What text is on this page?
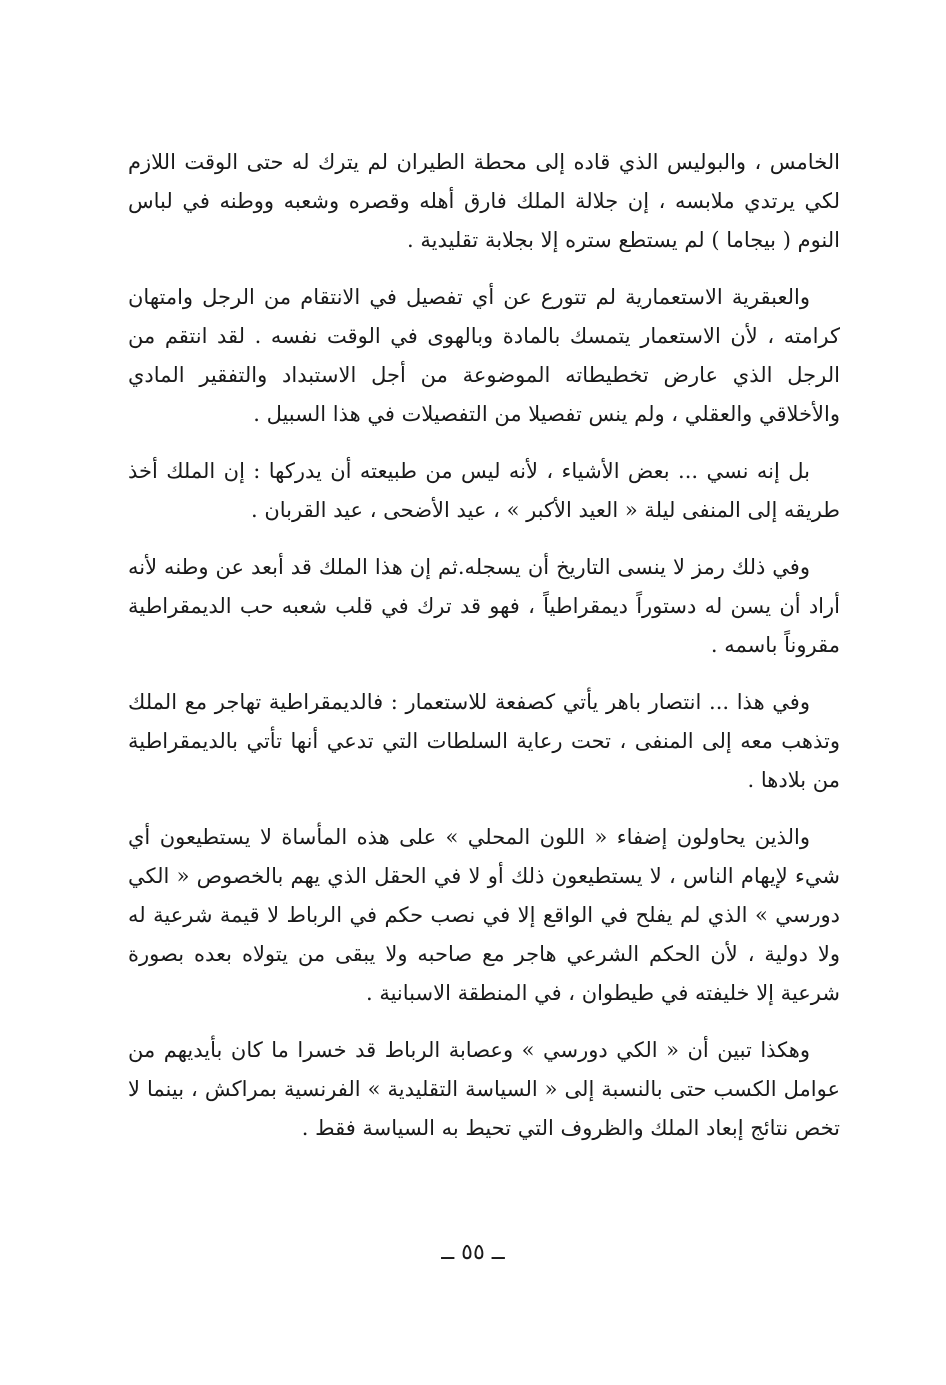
الخامس ، والبوليس الذي قاده إلى محطة الطيران لم يترك له حتى الوقت اللازم لكي يرتدي ملابسه ، إن جلالة الملك فارق أهله وقصره وشعبه ووطنه في لباس النوم ( بيجاما ) لم يستطع ستره إلا بجلابة تقليدية .

والعبقرية الاستعمارية لم تتورع عن أي تفصيل في الانتقام من الرجل وامتهان كرامته ، لأن الاستعمار يتمسك بالمادة وبالهوى في الوقت نفسه . لقد انتقم من الرجل الذي عارض تخطيطاته الموضوعة من أجل الاستبداد والتفقير المادي والأخلاقي والعقلي ، ولم ينس تفصيلا من التفصيلات في هذا السبيل .

بل إنه نسي ... بعض الأشياء ، لأنه ليس من طبيعته أن يدركها : إن الملك أخذ طريقه إلى المنفى ليلة « العيد الأكبر » ، عيد الأضحى ، عيد القربان .

وفي ذلك رمز لا ينسى التاريخ أن يسجله.ثم إن هذا الملك قد أبعد عن وطنه لأنه أراد أن يسن له دستوراً ديمقراطياً ، فهو قد ترك في قلب شعبه حب الديمقراطية مقروناً باسمه .

وفي هذا ... انتصار باهر يأتي كصفعة للاستعمار : فالديمقراطية تهاجر مع الملك وتذهب معه إلى المنفى ، تحت رعاية السلطات التي تدعي أنها تأتي بالديمقراطية من بلادها .

والذين يحاولون إضفاء « اللون المحلي » على هذه المأساة لا يستطيعون أي شيء لإيهام الناس ، لا يستطيعون ذلك أو لا في الحقل الذي يهم بالخصوص « الكي دورسي » الذي لم يفلح في الواقع إلا في نصب حكم في الرباط لا قيمة شرعية له ولا دولية ، لأن الحكم الشرعي هاجر مع صاحبه ولا يبقى من يتولاه بعده بصورة شرعية إلا خليفته في طيطوان ، في المنطقة الاسبانية .

وهكذا تبين أن « الكي دورسي » وعصابة الرباط قد خسرا ما كان بأيديهم من عوامل الكسب حتى بالنسبة إلى « السياسة التقليدية » الفرنسية بمراكش ، بينما لا تخص نتائج إبعاد الملك والظروف التي تحيط به السياسة فقط .

ــ ٥٥ ــ
